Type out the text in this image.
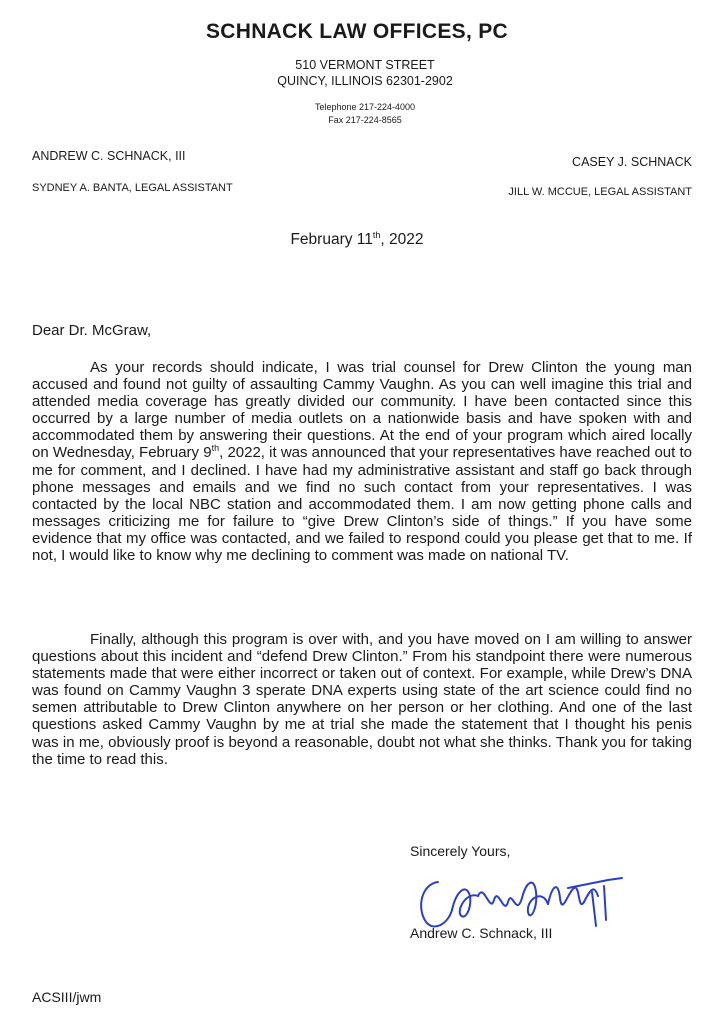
SCHNACK LAW OFFICES, PC
510 VERMONT STREET
QUINCY, ILLINOIS 62301-2902
Telephone 217-224-4000
Fax 217-224-8565
ANDREW C. SCHNACK, III
SYDNEY A. BANTA, LEGAL ASSISTANT
CASEY J. SCHNACK
JILL W. MCCUE, LEGAL ASSISTANT
February 11th, 2022
Dear Dr. McGraw,

As your records should indicate, I was trial counsel for Drew Clinton the young man accused and found not guilty of assaulting Cammy Vaughn. As you can well imagine this trial and attended media coverage has greatly divided our community. I have been contacted since this occurred by a large number of media outlets on a nationwide basis and have spoken with and accommodated them by answering their questions. At the end of your program which aired locally on Wednesday, February 9th, 2022, it was announced that your representatives have reached out to me for comment, and I declined. I have had my administrative assistant and staff go back through phone messages and emails and we find no such contact from your representatives. I was contacted by the local NBC station and accommodated them. I am now getting phone calls and messages criticizing me for failure to “give Drew Clinton’s side of things.” If you have some evidence that my office was contacted, and we failed to respond could you please get that to me. If not, I would like to know why me declining to comment was made on national TV.

Finally, although this program is over with, and you have moved on I am willing to answer questions about this incident and “defend Drew Clinton.” From his standpoint there were numerous statements made that were either incorrect or taken out of context. For example, while Drew’s DNA was found on Cammy Vaughn 3 sperate DNA experts using state of the art science could find no semen attributable to Drew Clinton anywhere on her person or her clothing. And one of the last questions asked Cammy Vaughn by me at trial she made the statement that I thought his penis was in me, obviously proof is beyond a reasonable, doubt not what she thinks. Thank you for taking the time to read this.

Sincerely Yours,
Andrew C. Schnack, III
ACSIII/jwm
